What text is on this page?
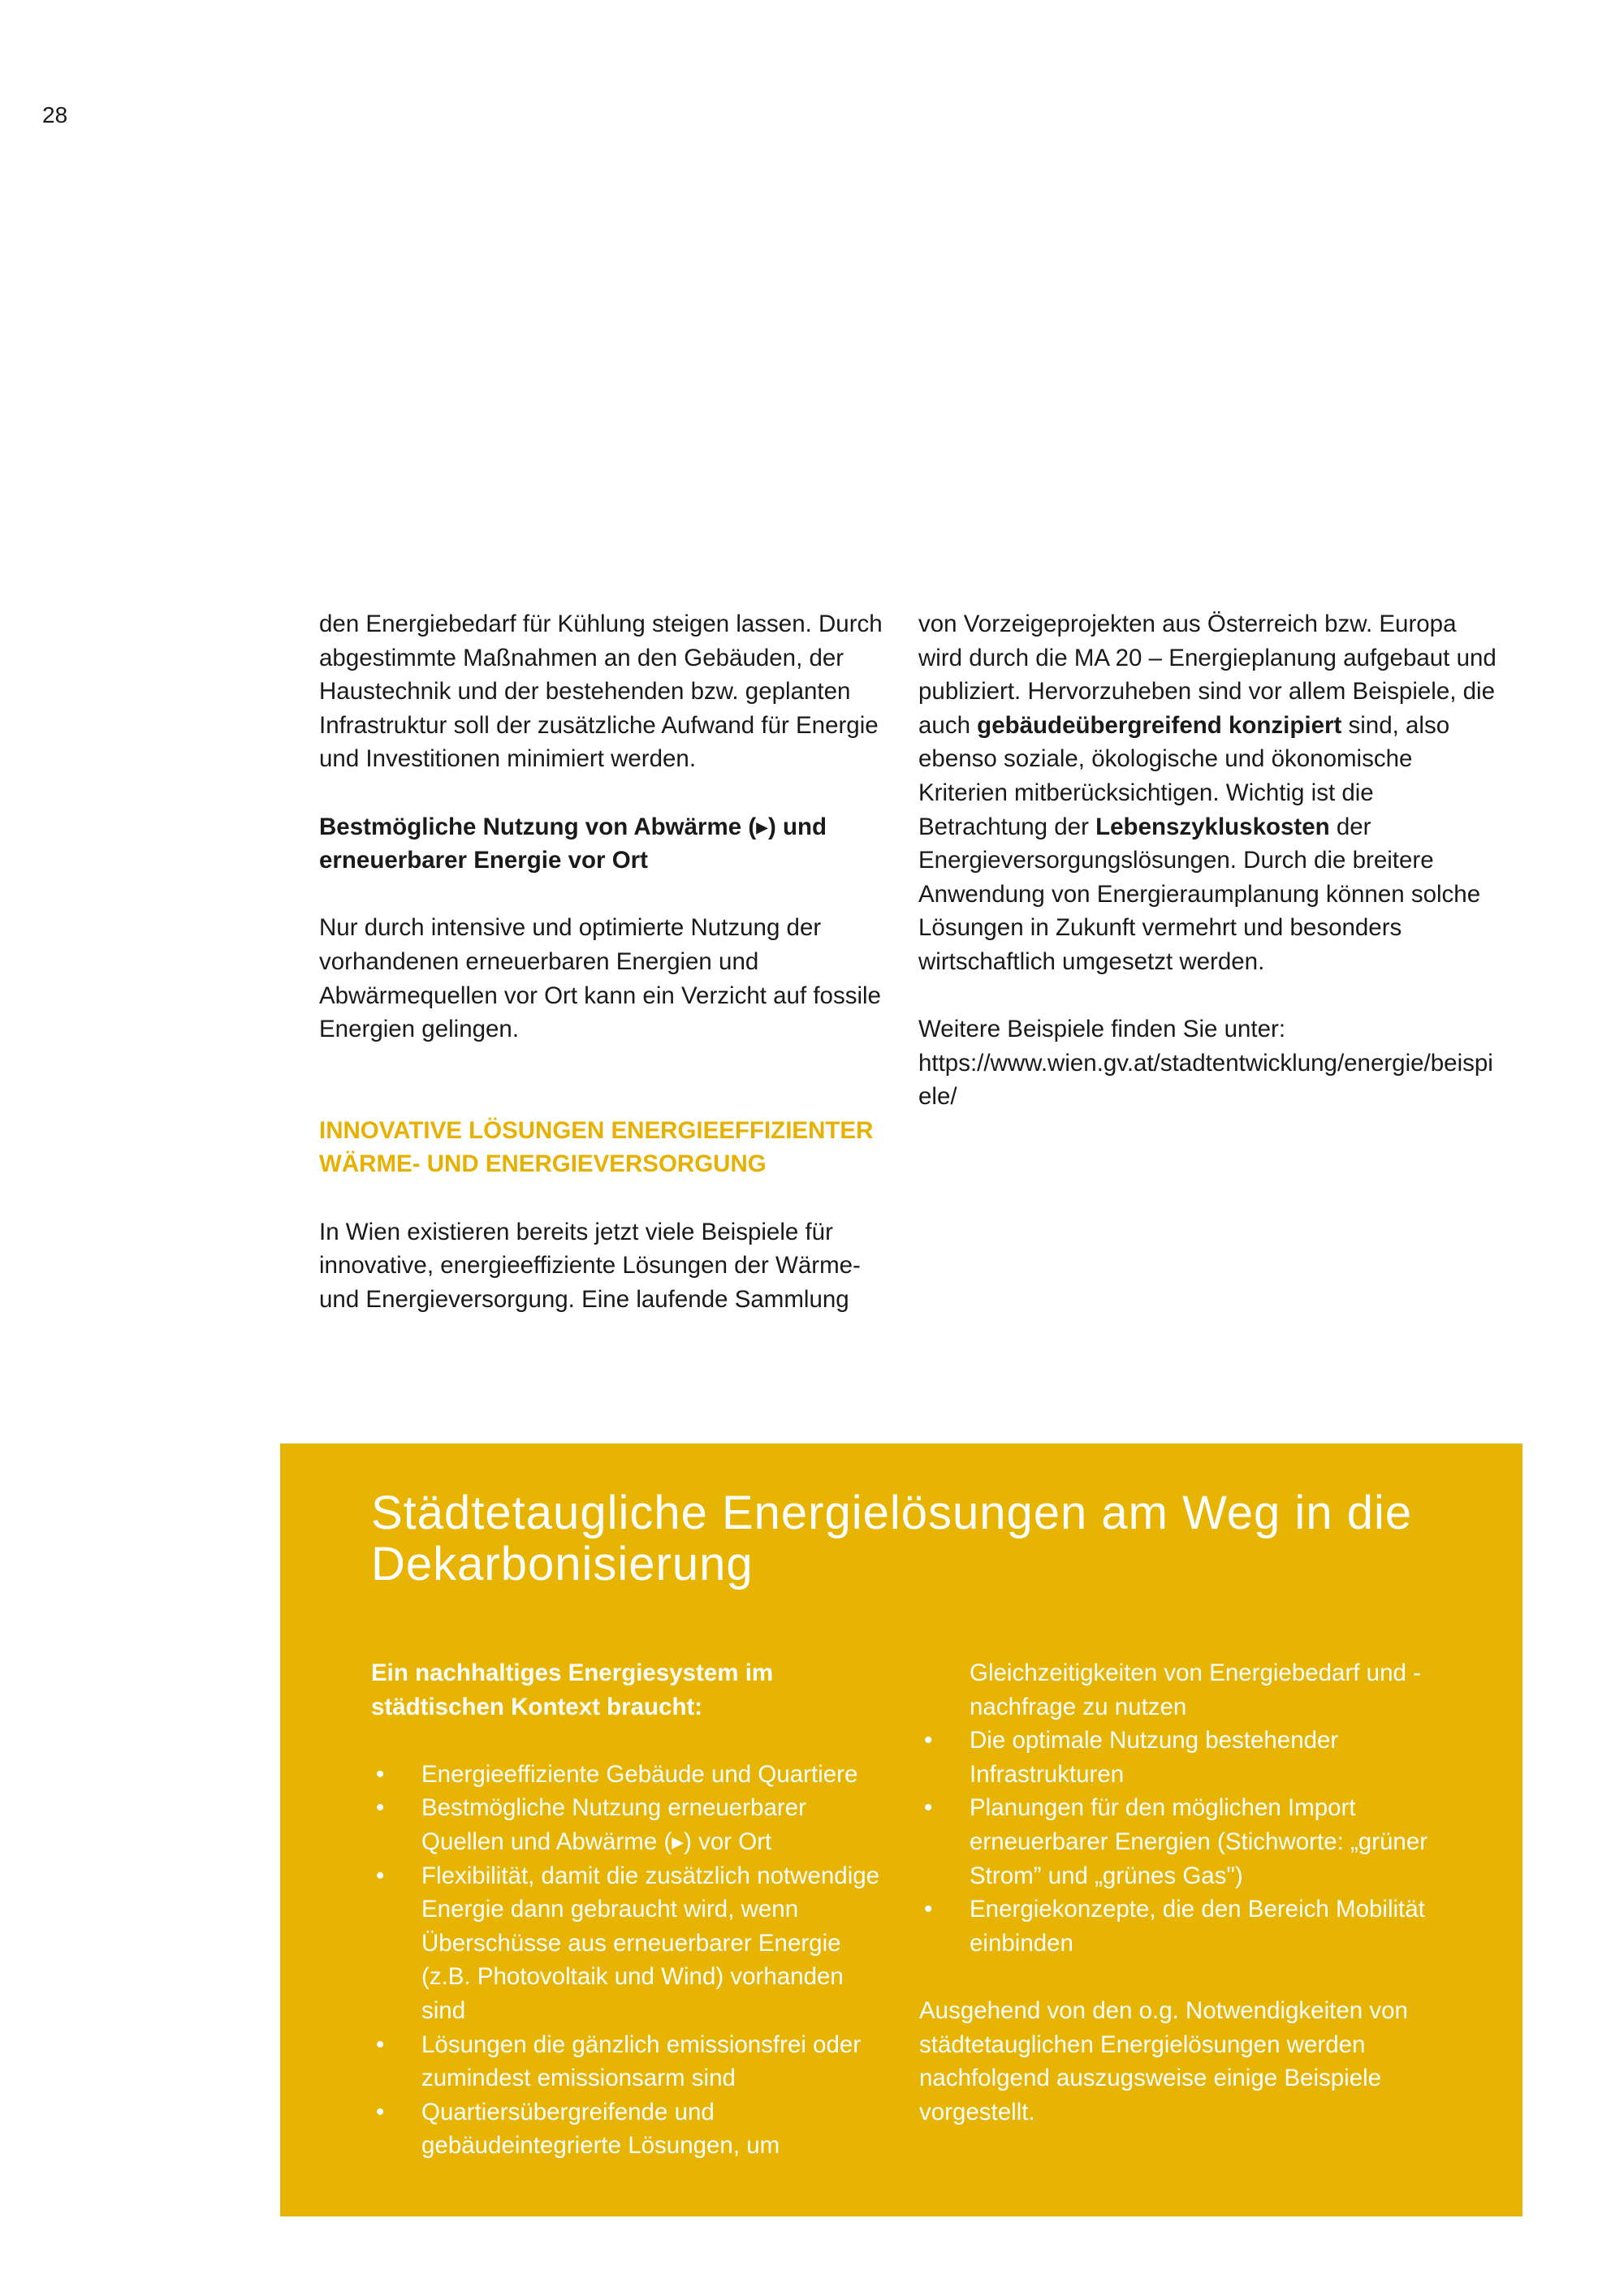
28

den Energiebedarf für Kühlung steigen lassen. Durch abgestimmte Maßnahmen an den Gebäuden, der Haustechnik und der bestehenden bzw. geplanten Infrastruktur soll der zusätzliche Aufwand für Energie und Investitionen minimiert werden.

Bestmögliche Nutzung von Abwärme (▸) und erneuerbarer Energie vor Ort

Nur durch intensive und optimierte Nutzung der vorhandenen erneuerbaren Energien und Abwärmequellen vor Ort kann ein Verzicht auf fossile Energien gelingen.

INNOVATIVE LÖSUNGEN ENERGIEEFFIZIENTER WÄRME- UND ENERGIEVERSORGUNG

In Wien existieren bereits jetzt viele Beispiele für innovative, energieeffiziente Lösungen der Wärme- und Energieversorgung. Eine laufende Sammlung

von Vorzeigeprojekten aus Österreich bzw. Europa wird durch die MA 20 – Energieplanung aufgebaut und publiziert. Hervorzuheben sind vor allem Beispiele, die auch gebäudeübergreifend konzipiert sind, also ebenso soziale, ökologische und ökonomische Kriterien mitberücksichtigen. Wichtig ist die Betrachtung der Lebenszykluskosten der Energieversorgungslösungen. Durch die breitere Anwendung von Energieraumplanung können solche Lösungen in Zukunft vermehrt und besonders wirtschaftlich umgesetzt werden.

Weitere Beispiele finden Sie unter:
https://www.wien.gv.at/stadtentwicklung/energie/beispiele/

Städtetaugliche Energielösungen am Weg in die Dekarbonisierung

Ein nachhaltiges Energiesystem im städtischen Kontext braucht:

• Energieeffiziente Gebäude und Quartiere
• Bestmögliche Nutzung erneuerbarer Quellen und Abwärme (▸) vor Ort
• Flexibilität, damit die zusätzlich notwendige Energie dann gebraucht wird, wenn Überschüsse aus erneuerbarer Energie (z.B. Photovoltaik und Wind) vorhanden sind
• Lösungen die gänzlich emissionsfrei oder zumindest emissionsarm sind
• Quartiersübergreifende und gebäudeintegrierte Lösungen, um

Gleichzeitigkeiten von Energiebedarf und -nachfrage zu nutzen

• Die optimale Nutzung bestehender Infrastrukturen
• Planungen für den möglichen Import erneuerbarer Energien (Stichworte: „grüner Strom” und „grünes Gas")
• Energiekonzepte, die den Bereich Mobilität einbinden

Ausgehend von den o.g. Notwendigkeiten von städtetauglichen Energielösungen werden nachfolgend auszugsweise einige Beispiele vorgestellt.
